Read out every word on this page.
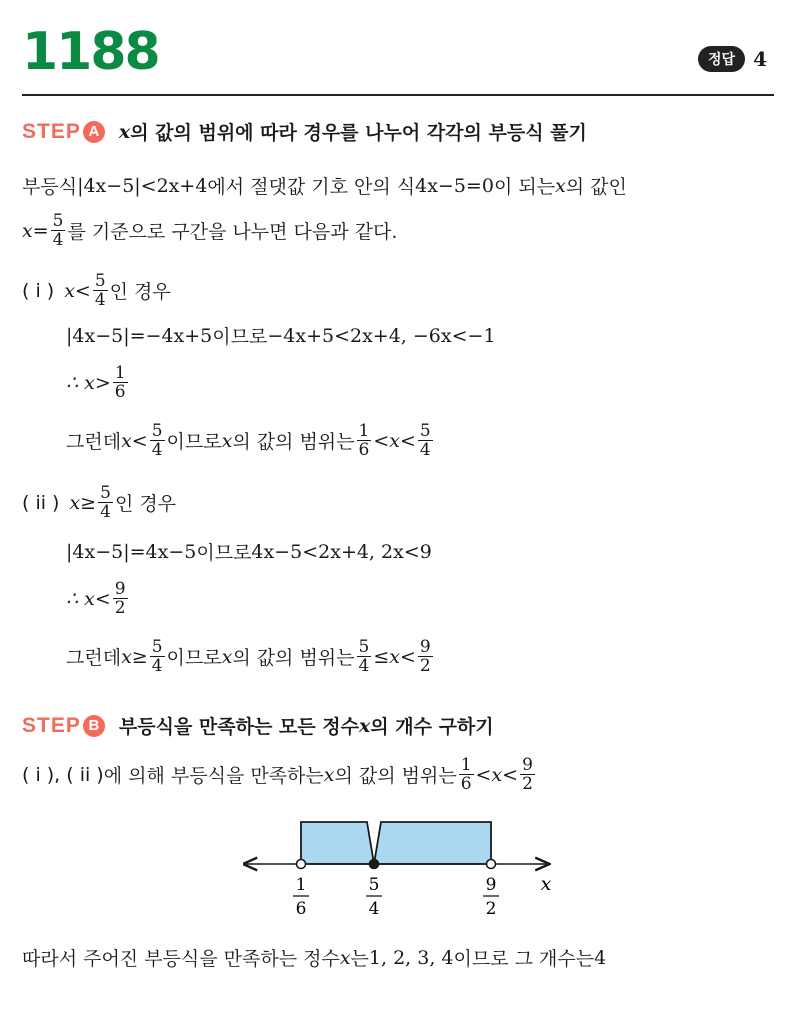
1188	정답 4
STEP A x 의 값의 범위에 따라 경우를 나누어 각각의 부등식 풀기
부등식 |4x−5|<2x+4 에서 절댓값 기호 안의 식 4x−5=0 이 되는 x 의 값인
$x= \frac{5}{4}$ 를 기준으로 구간을 나누면 다음과 같다.
( i ) $x< \frac{5}{4}$ 인 경우
|4x−5|=−4x+5 이므로 −4x+5<2x+4, −6x<−1
∴ $x> \frac{1}{6}$
그런데 $x< \frac{5}{4}$ 이므로 x 의 값의 범위는 $\frac{1}{6} <x< \frac{5}{4}$
( ii ) $x\ge \frac{5}{4}$ 인 경우
|4x−5|=4x−5 이므로 4x−5<2x+4, 2x<9
∴ $x< \frac{9}{2}$
그런데 $x\ge \frac{5}{4}$ 이므로 x 의 값의 범위는 $\frac{5}{4} \le x< \frac{9}{2}$
STEP B 부등식을 만족하는 모든 정수 x 의 개수 구하기
( i ), ( ii ) 에 의해 부등식을 만족하는 x 의 값의 범위는 $\frac{1}{6} <x< \frac{9}{2}$
1
6
5
4
9
2
x
따라서 주어진 부등식을 만족하는 정수 x 는 1, 2, 3, 4 이므로 그 개수는 4
